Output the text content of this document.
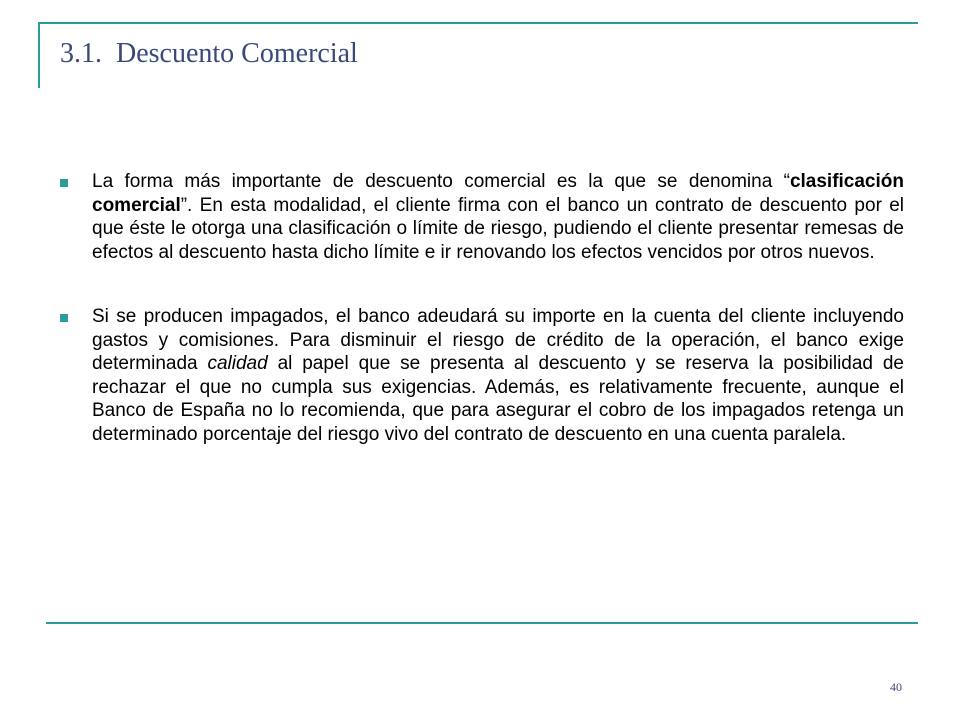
3.1. Descuento Comercial
La forma más importante de descuento comercial es la que se denomina “clasificación comercial”. En esta modalidad, el cliente firma con el banco un contrato de descuento por el que éste le otorga una clasificación o límite de riesgo, pudiendo el cliente presentar remesas de efectos al descuento hasta dicho límite e ir renovando los efectos vencidos por otros nuevos.
Si se producen impagados, el banco adeudará su importe en la cuenta del cliente incluyendo gastos y comisiones. Para disminuir el riesgo de crédito de la operación, el banco exige determinada calidad al papel que se presenta al descuento y se reserva la posibilidad de rechazar el que no cumpla sus exigencias. Además, es relativamente frecuente, aunque el Banco de España no lo recomienda, que para asegurar el cobro de los impagados retenga un determinado porcentaje del riesgo vivo del contrato de descuento en una cuenta paralela.
40
